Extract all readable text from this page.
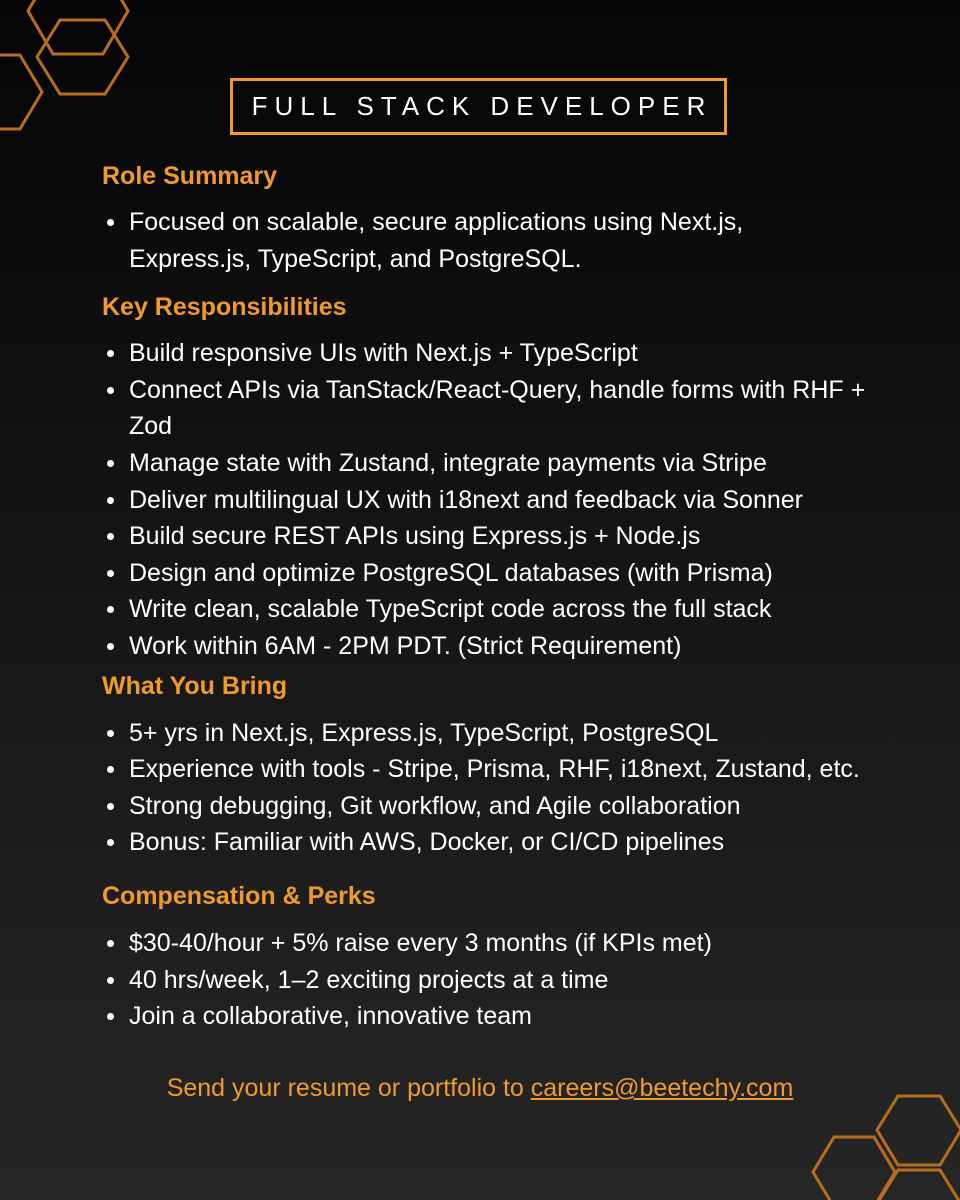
FULL STACK DEVELOPER
Role Summary
Focused on scalable, secure applications using Next.js, Express.js, TypeScript, and PostgreSQL.
Key Responsibilities
Build responsive UIs with Next.js + TypeScript
Connect APIs via TanStack/React-Query, handle forms with RHF + Zod
Manage state with Zustand, integrate payments via Stripe
Deliver multilingual UX with i18next and feedback via Sonner
Build secure REST APIs using Express.js + Node.js
Design and optimize PostgreSQL databases (with Prisma)
Write clean, scalable TypeScript code across the full stack
Work within 6AM - 2PM PDT. (Strict Requirement)
What You Bring
5+ yrs in Next.js, Express.js, TypeScript, PostgreSQL
Experience with tools - Stripe, Prisma, RHF, i18next, Zustand, etc.
Strong debugging, Git workflow, and Agile collaboration
Bonus: Familiar with AWS, Docker, or CI/CD pipelines
Compensation & Perks
$30-40/hour + 5% raise every 3 months (if KPIs met)
40 hrs/week, 1–2 exciting projects at a time
Join a collaborative, innovative team
Send your resume or portfolio to careers@beetechy.com
